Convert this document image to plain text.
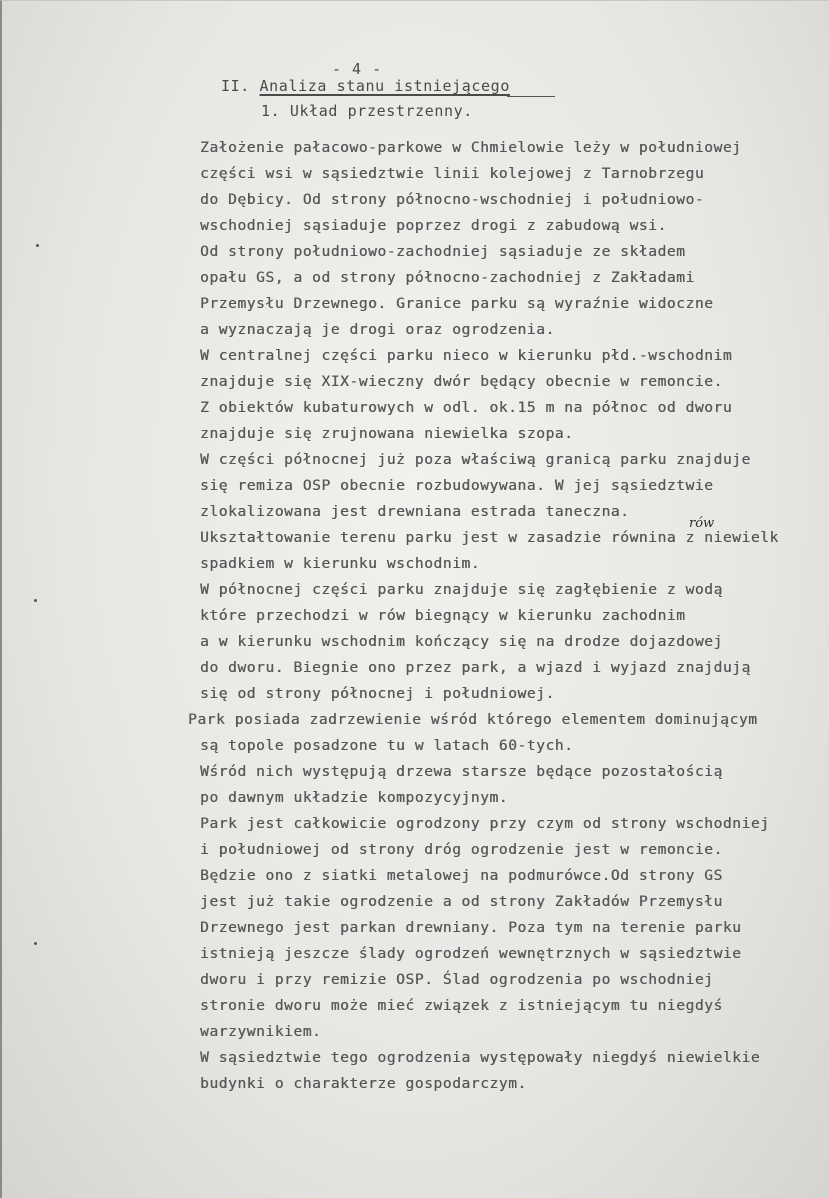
- 4 -
II. Analiza stanu istniejącego
1. Układ przestrzenny.
rów

Założenie pałacowo-parkowe w Chmielowie leży w południowej

części wsi w sąsiedztwie linii kolejowej z Tarnobrzegu

do Dębicy. Od strony północno-wschodniej i południowo-

wschodniej sąsiaduje poprzez drogi z zabudową wsi.

Od strony południowo-zachodniej sąsiaduje ze składem

opału GS, a od strony północno-zachodniej z Zakładami

Przemysłu Drzewnego. Granice parku są wyraźnie widoczne

a wyznaczają je drogi oraz ogrodzenia.

W centralnej części parku nieco w kierunku płd.-wschodnim

znajduje się XIX-wieczny dwór będący obecnie w remoncie.

Z obiektów kubaturowych w odl. ok.15 m na północ od dworu

znajduje się zrujnowana niewielka szopa.

W części północnej już poza właściwą granicą parku znajduje

się remiza OSP obecnie rozbudowywana. W jej sąsiedztwie

zlokalizowana jest drewniana estrada taneczna.

Ukształtowanie terenu parku jest w zasadzie równina z niewielk

spadkiem w kierunku wschodnim.

W północnej części parku znajduje się zagłębienie z wodą

które przechodzi w rów biegnący w kierunku zachodnim

a w kierunku wschodnim kończący się na drodze dojazdowej

do dworu. Biegnie ono przez park, a wjazd i wyjazd znajdują

się od strony północnej i południowej.

Park posiada zadrzewienie wśród którego elementem dominującym

są topole posadzone tu w latach 60-tych.

Wśród nich występują drzewa starsze będące pozostałością

po dawnym układzie kompozycyjnym.

Park jest całkowicie ogrodzony przy czym od strony wschodniej

i południowej od strony dróg ogrodzenie jest w remoncie.

Będzie ono z siatki metalowej na podmurówce.Od strony GS

jest już takie ogrodzenie a od strony Zakładów Przemysłu

Drzewnego jest parkan drewniany. Poza tym na terenie parku

istnieją jeszcze ślady ogrodzeń wewnętrznych w sąsiedztwie

dworu i przy remizie OSP. Ślad ogrodzenia po wschodniej

stronie dworu może mieć związek z istniejącym tu niegdyś

warzywnikiem.

W sąsiedztwie tego ogrodzenia występowały niegdyś niewielkie

budynki o charakterze gospodarczym.
